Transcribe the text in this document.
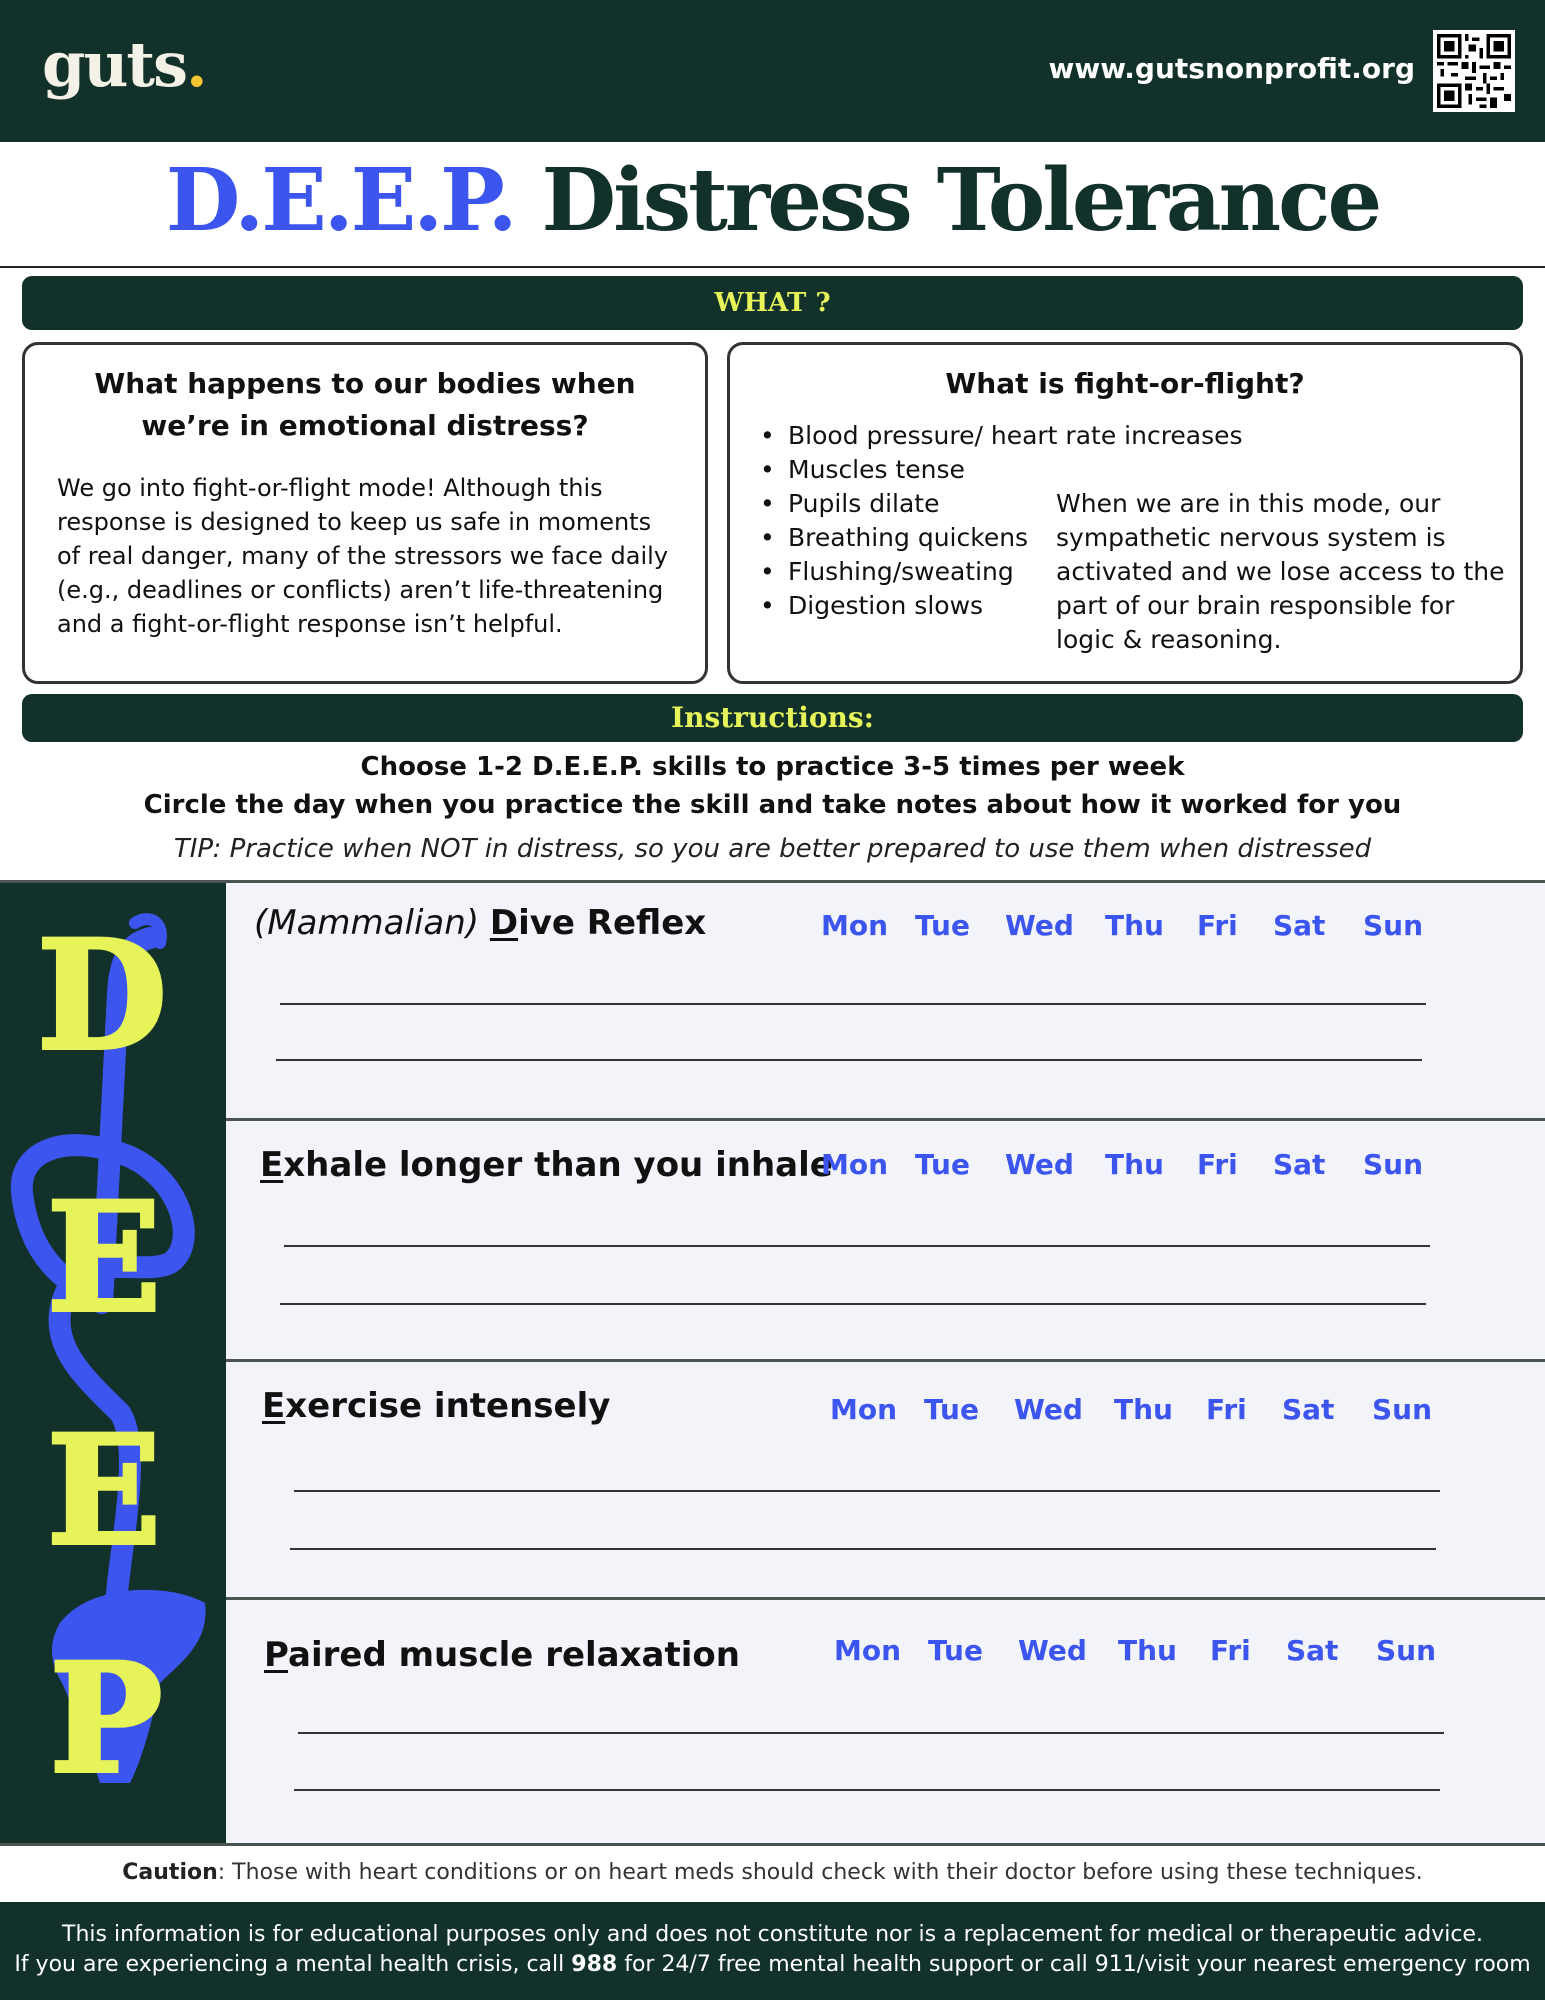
guts.	www.gutsnonprofit.org
D.E.E.P. Distress Tolerance
WHAT ?
What happens to our bodies when we’re in emotional distress?

We go into fight-or-flight mode! Although this response is designed to keep us safe in moments of real danger, many of the stressors we face daily (e.g., deadlines or conflicts) aren’t life-threatening and a fight-or-flight response isn’t helpful.

What is fight-or-flight?
• Blood pressure/ heart rate increases
• Muscles tense
• Pupils dilate
• Breathing quickens
• Flushing/sweating
• Digestion slows
When we are in this mode, our sympathetic nervous system is activated and we lose access to the part of our brain responsible for logic & reasoning.
Instructions:
Choose 1-2 D.E.E.P. skills to practice 3-5 times per week
Circle the day when you practice the skill and take notes about how it worked for you
TIP: Practice when NOT in distress, so you are better prepared to use them when distressed
D
E
E
P
(Mammalian) Dive Reflex	Mon Tue	Wed	Thu	Fri	Sat	Sun
Exhale longer than you inhale
Mon Tue	Wed	Thu	Fri	Sat	Sun
Exercise intensely	Mon Tue	Wed	Thu	Fri	Sat	Sun
Paired muscle relaxation	Mon Tue	Wed	Thu	Fri	Sat	Sun
Caution: Those with heart conditions or on heart meds should check with their doctor before using these techniques.
This information is for educational purposes only and does not constitute nor is a replacement for medical or therapeutic advice.
If you are experiencing a mental health crisis, call 988 for 24/7 free mental health support or call 911/visit your nearest emergency room
